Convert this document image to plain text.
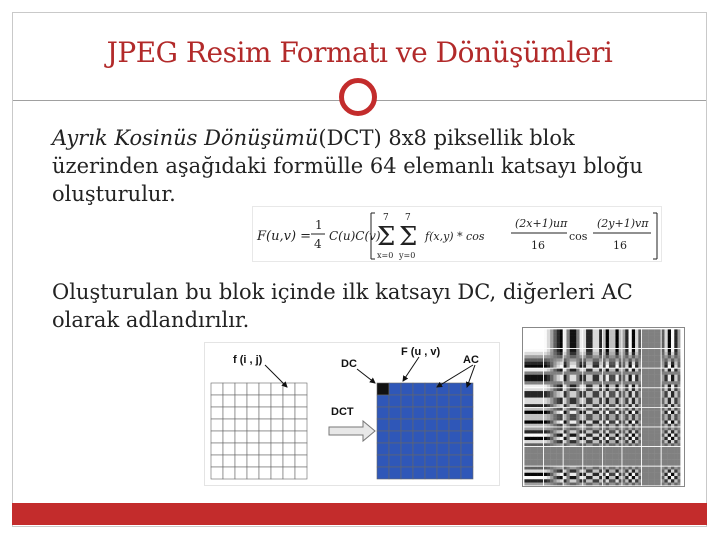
JPEG Resim Formatı ve Dönüşümleri
Ayrık Kosinüs Dönüşümü(DCT) 8x8 piksellik blok
üzerinden aşağıdaki formülle 64 elemanlı katsayı bloğu
oluşturulur.
F(u,v) =
1
4
C(u)C(v)
7
Σ
x=0
7
Σ
y=0
f(x,y) * cos
(2x+1)uπ
16
cos
(2y+1)vπ
16
Oluşturulan bu blok içinde ilk katsayı DC, diğerleri AC
olarak adlandırılır.
f (i , j)
F (u , v)
DC	AC
DCT
